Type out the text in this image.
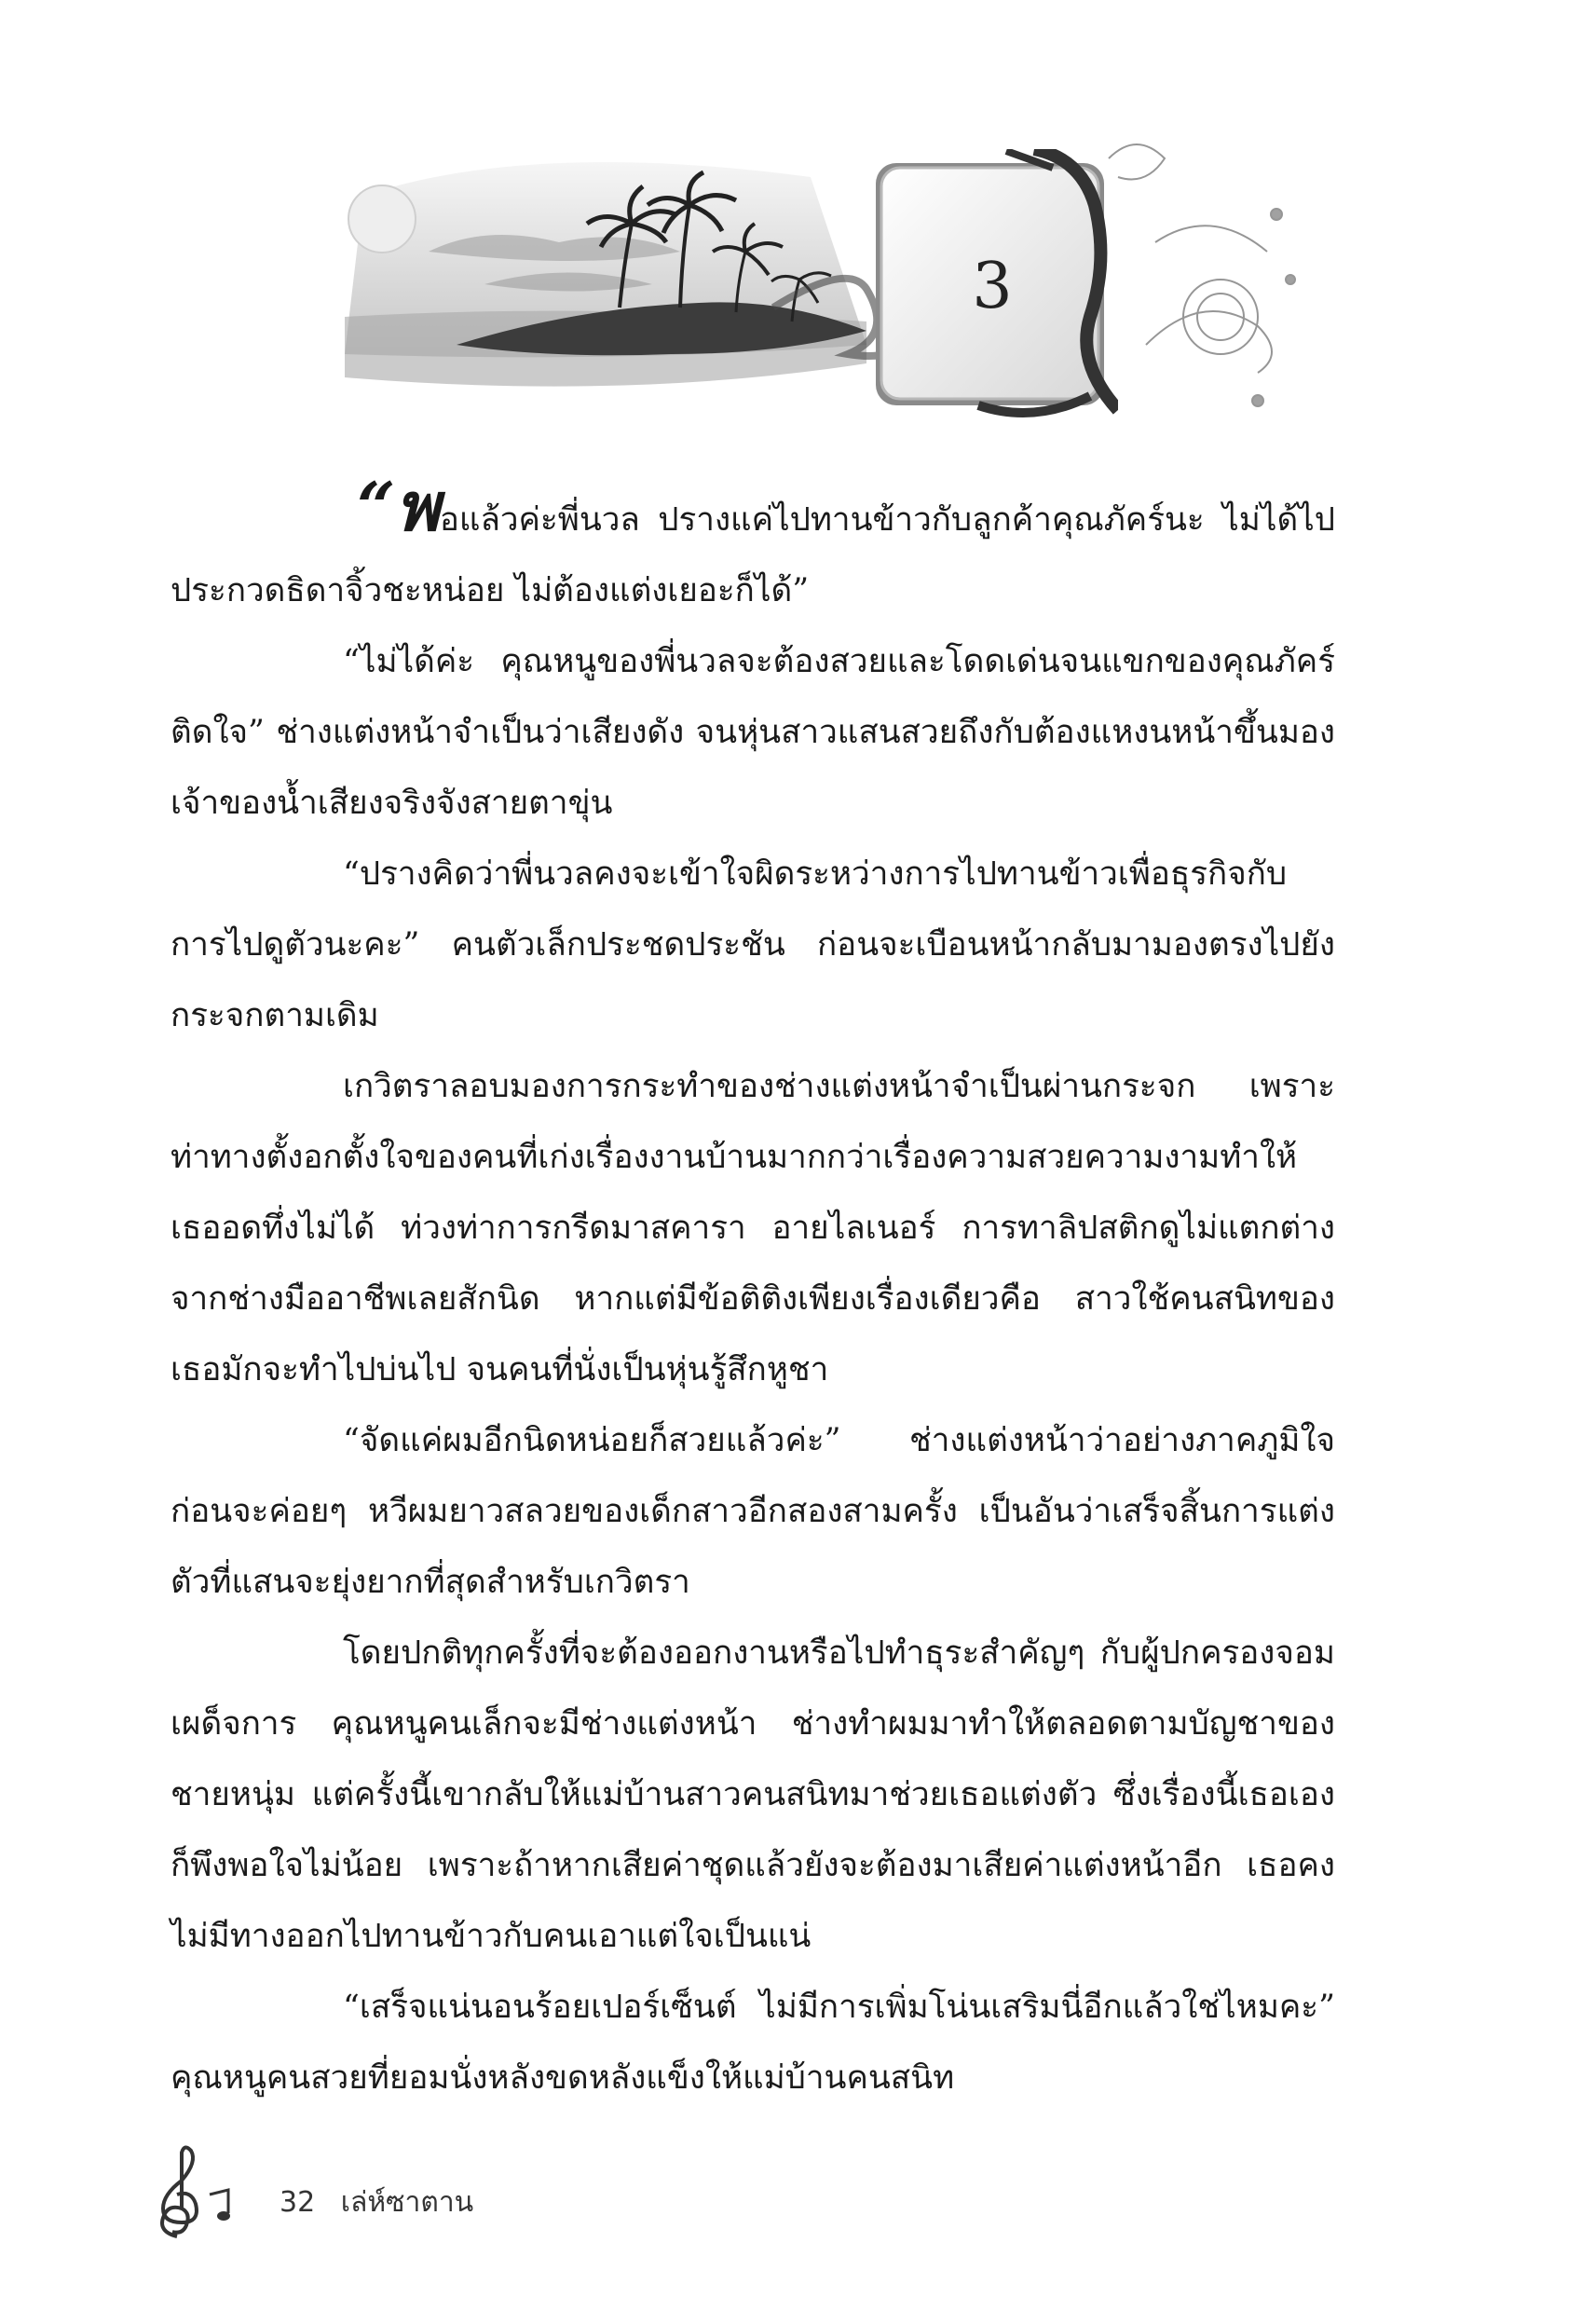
3

“พอแล้วค่ะพี่นวล ปรางแค่ไปทานข้าวกับลูกค้าคุณภัคร์นะ ไม่ได้ไปประกวดธิดาจิ้วชะหน่อย ไม่ต้องแต่งเยอะก็ได้”

“ไม่ได้ค่ะ คุณหนูของพี่นวลจะต้องสวยและโดดเด่นจนแขกของคุณภัคร์ติดใจ” ช่างแต่งหน้าจำเป็นว่าเสียงดัง จนหุ่นสาวแสนสวยถึงกับต้องแหงนหน้าขึ้นมองเจ้าของน้ำเสียงจริงจังสายตาขุ่น

“ปรางคิดว่าพี่นวลคงจะเข้าใจผิดระหว่างการไปทานข้าวเพื่อธุรกิจกับการไปดูตัวนะคะ” คนตัวเล็กประชดประชัน ก่อนจะเบือนหน้ากลับมามองตรงไปยังกระจกตามเดิม

เกวิตราลอบมองการกระทำของช่างแต่งหน้าจำเป็นผ่านกระจก เพราะท่าทางตั้งอกตั้งใจของคนที่เก่งเรื่องงานบ้านมากกว่าเรื่องความสวยความงามทำให้เธออดทึ่งไม่ได้ ท่วงท่าการกรีดมาสคารา อายไลเนอร์ การทาลิปสติกดูไม่แตกต่างจากช่างมืออาชีพเลยสักนิด หากแต่มีข้อติติงเพียงเรื่องเดียวคือ สาวใช้คนสนิทของเธอมักจะทำไปบ่นไป จนคนที่นั่งเป็นหุ่นรู้สึกหูชา

“จัดแค่ผมอีกนิดหน่อยก็สวยแล้วค่ะ” ช่างแต่งหน้าว่าอย่างภาคภูมิใจ ก่อนจะค่อยๆ หวีผมยาวสลวยของเด็กสาวอีกสองสามครั้ง เป็นอันว่าเสร็จสิ้นการแต่งตัวที่แสนจะยุ่งยากที่สุดสำหรับเกวิตรา

โดยปกติทุกครั้งที่จะต้องออกงานหรือไปทำธุระสำคัญๆ กับผู้ปกครองจอมเผด็จการ คุณหนูคนเล็กจะมีช่างแต่งหน้า ช่างทำผมมาทำให้ตลอดตามบัญชาของชายหนุ่ม แต่ครั้งนี้เขากลับให้แม่บ้านสาวคนสนิทมาช่วยเธอแต่งตัว ซึ่งเรื่องนี้เธอเองก็พึงพอใจไม่น้อย เพราะถ้าหากเสียค่าชุดแล้วยังจะต้องมาเสียค่าแต่งหน้าอีก เธอคงไม่มีทางออกไปทานข้าวกับคนเอาแต่ใจเป็นแน่

“เสร็จแน่นอนร้อยเปอร์เซ็นต์ ไม่มีการเพิ่มโน่นเสริมนี่อีกแล้วใช่ไหมคะ” คุณหนูคนสวยที่ยอมนั่งหลังขดหลังแข็งให้แม่บ้านคนสนิท

32 เล่ห์ซาตาน
